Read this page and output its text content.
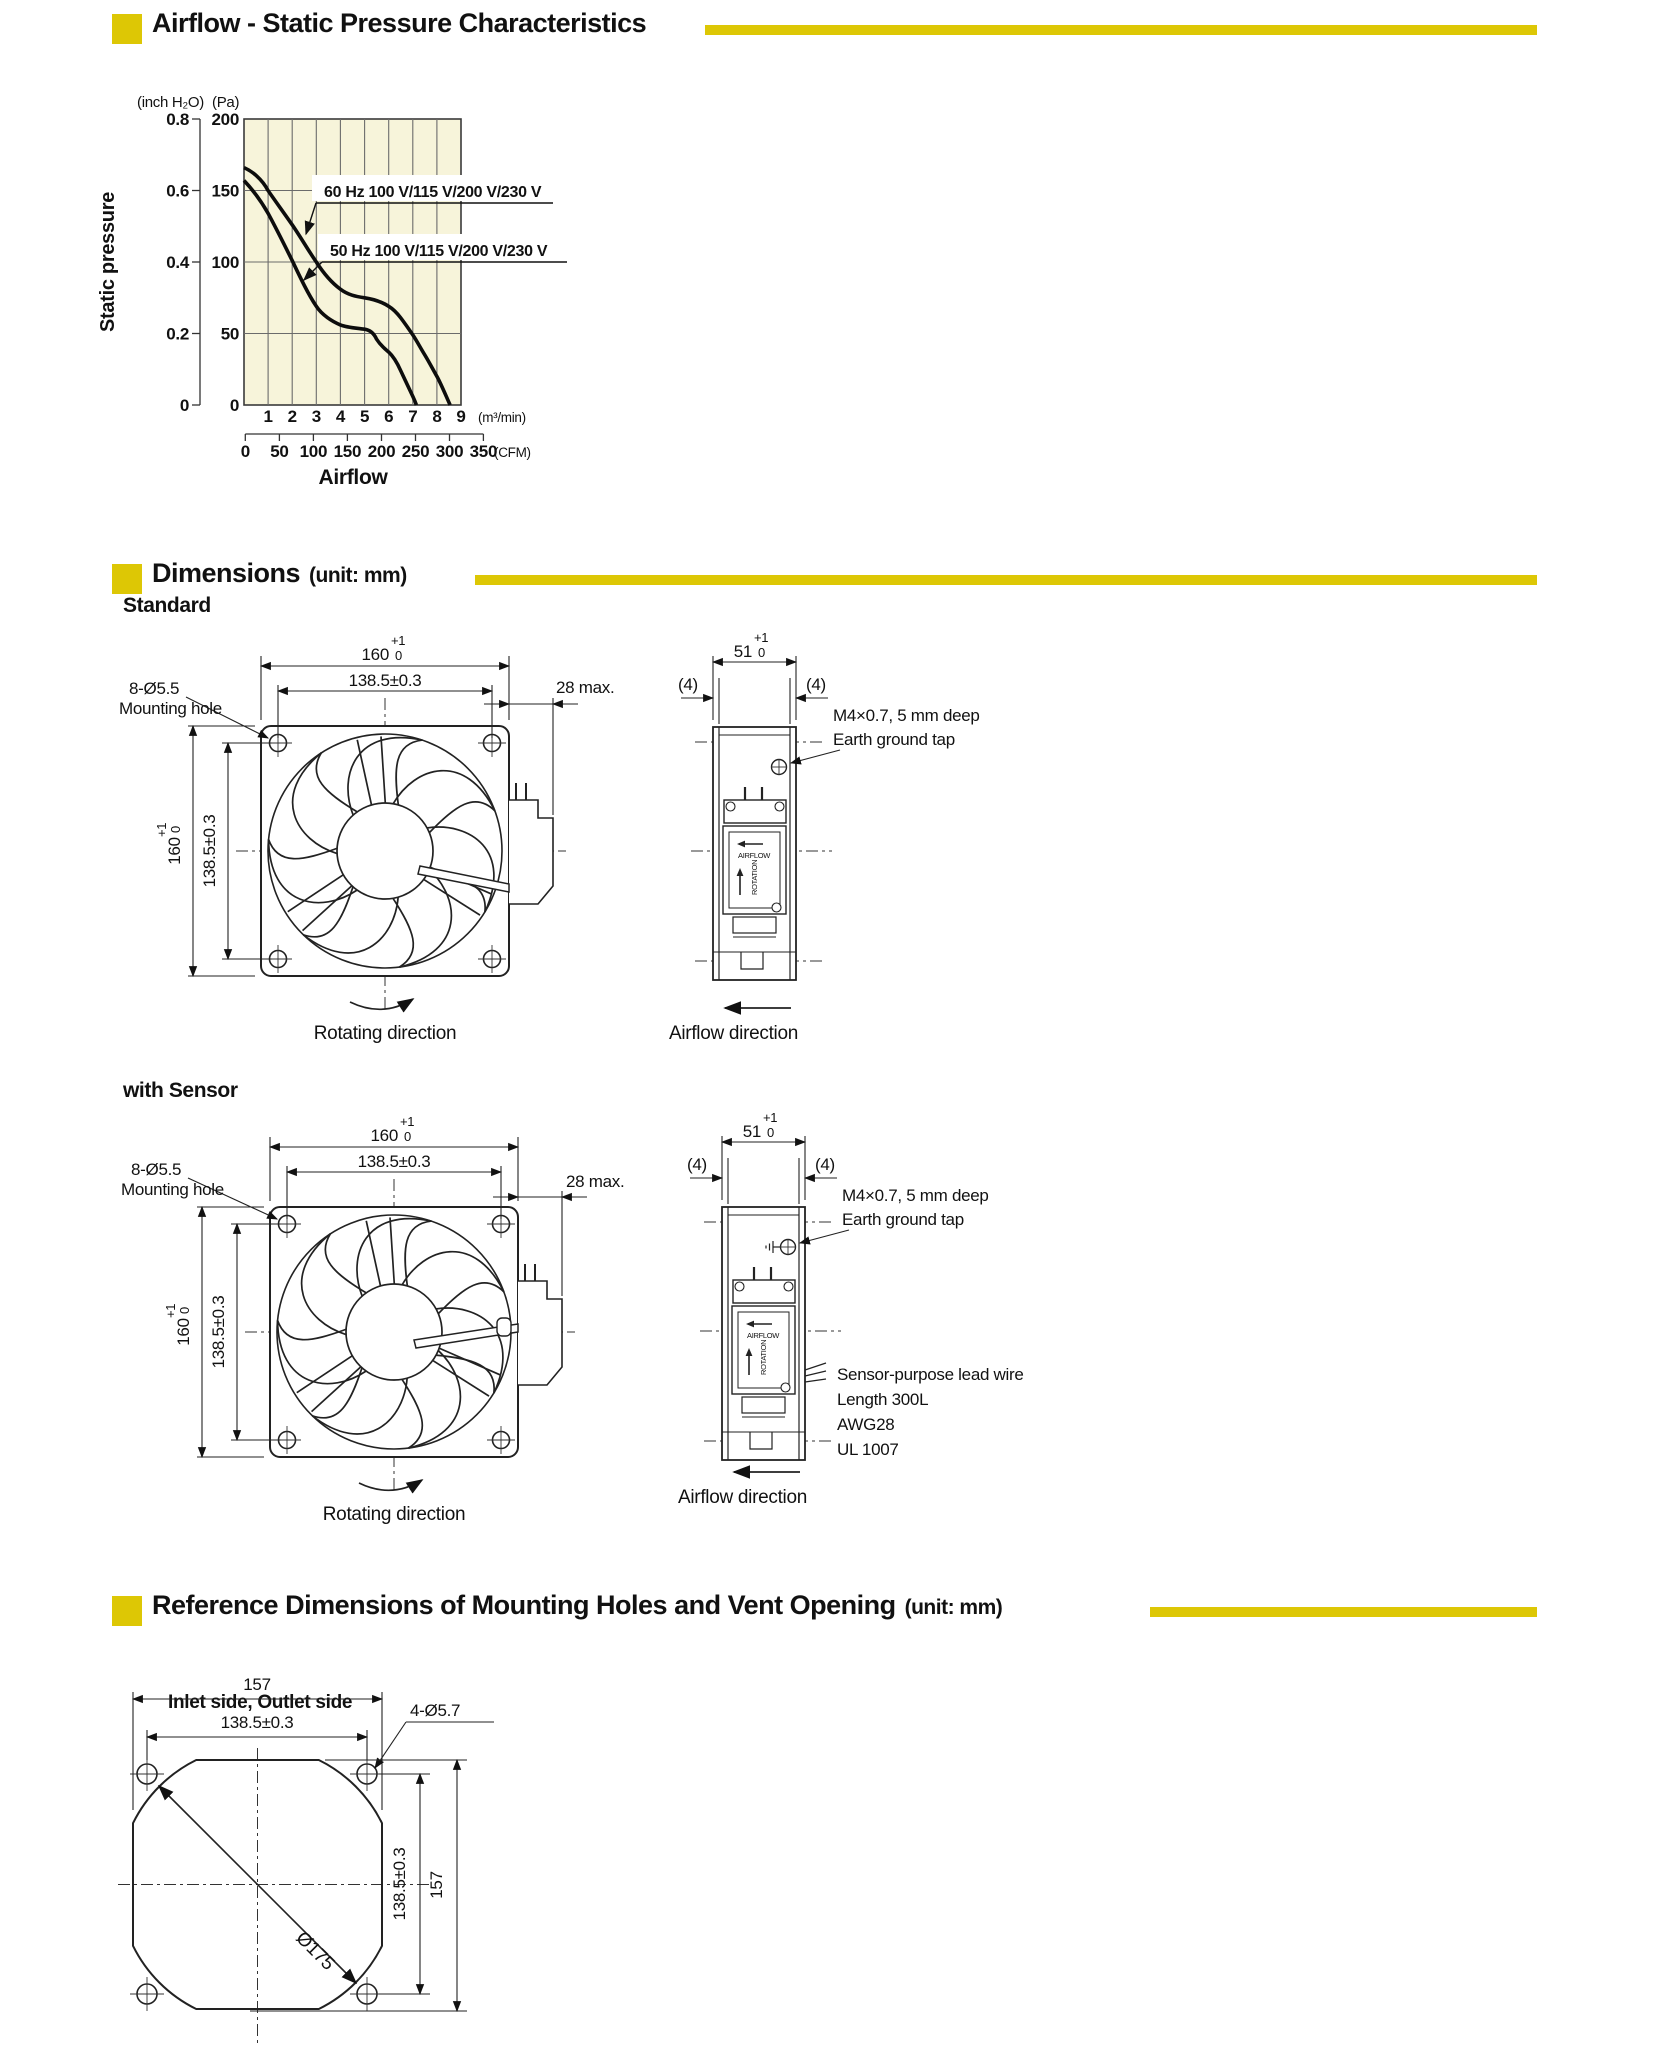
Airflow - Static Pressure Characteristics
Dimensions (unit: mm)
Standard
with Sensor
Reference Dimensions of Mounting Holes and Vent Opening (unit: mm)
Inlet side, Outlet side
(inch H₂O) (Pa)
0.8
0.6
0.4
0.2
0
200
150
100
50
0
60 Hz 100 V/115 V/200 V/230 V
50 Hz 100 V/115 V/200 V/230 V
1 2 3 4 5 6 7 8 9 (m³/min)
0 50 100 150 200 250 300 350
(CFM)
Airflow
Static pressure
160 0
+1
138.5±0.3
160
0
+1 138.5±0.3
8-Ø5.5
Mounting hole
28 max.
51 0
+1
(4)	(4)
M4×0.7, 5 mm deep
Earth ground tap
Rotating direction	Airflow direction
AIRFLOW
ROTATION
160 0
+1
138.5±0.3
160
0
+1 138.5±0.3
8-Ø5.5
Mounting hole	28 max.
51 0
+1
(4)	(4)
M4×0.7, 5 mm deep
Earth ground tap
Sensor-purpose lead wire
Length 300L
AWG28
UL 1007
Rotating direction
Airflow direction
AIRFLOW
ROTATION
157
138.5±0.3
4-Ø5.7
138.5±0.3 157
Ø175
